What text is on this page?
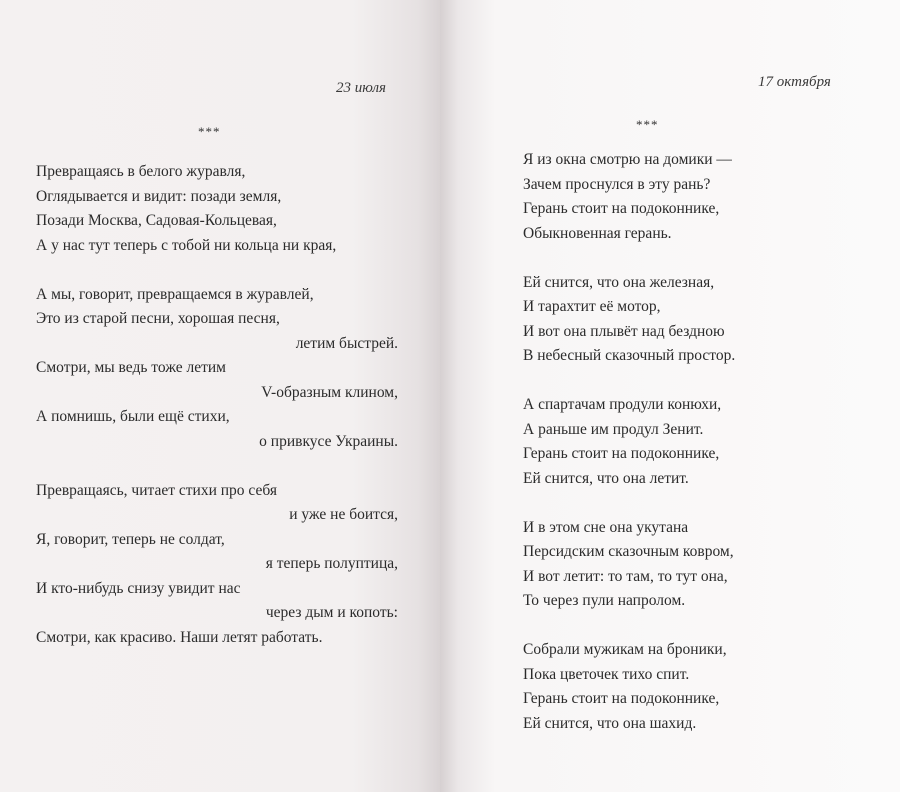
23 июля
***
Превращаясь в белого журавля,
Оглядывается и видит: позади земля,
Позади Москва, Садовая-Кольцевая,
А у нас тут теперь с тобой ни кольца ни края,
А мы, говорит, превращаемся в журавлей,
Это из старой песни, хорошая песня,
летим быстрей.
Смотри, мы ведь тоже летим
V-образным клином,
А помнишь, были ещё стихи,
о привкусе Украины.
Превращаясь, читает стихи про себя
и уже не боится,
Я, говорит, теперь не солдат,
я теперь полуптица,
И кто-нибудь снизу увидит нас
через дым и копоть:
Смотри, как красиво. Наши летят работать.
17 октября
***
Я из окна смотрю на домики —
Зачем проснулся в эту рань?
Герань стоит на подоконнике,
Обыкновенная герань.
Ей снится, что она железная,
И тарахтит её мотор,
И вот она плывёт над бездною
В небесный сказочный простор.
А спартачам продули конюхи,
А раньше им продул Зенит.
Герань стоит на подоконнике,
Ей снится, что она летит.
И в этом сне она укутана
Персидским сказочным ковром,
И вот летит: то там, то тут она,
То через пули напролом.
Собрали мужикам на броники,
Пока цветочек тихо спит.
Герань стоит на подоконнике,
Ей снится, что она шахид.
